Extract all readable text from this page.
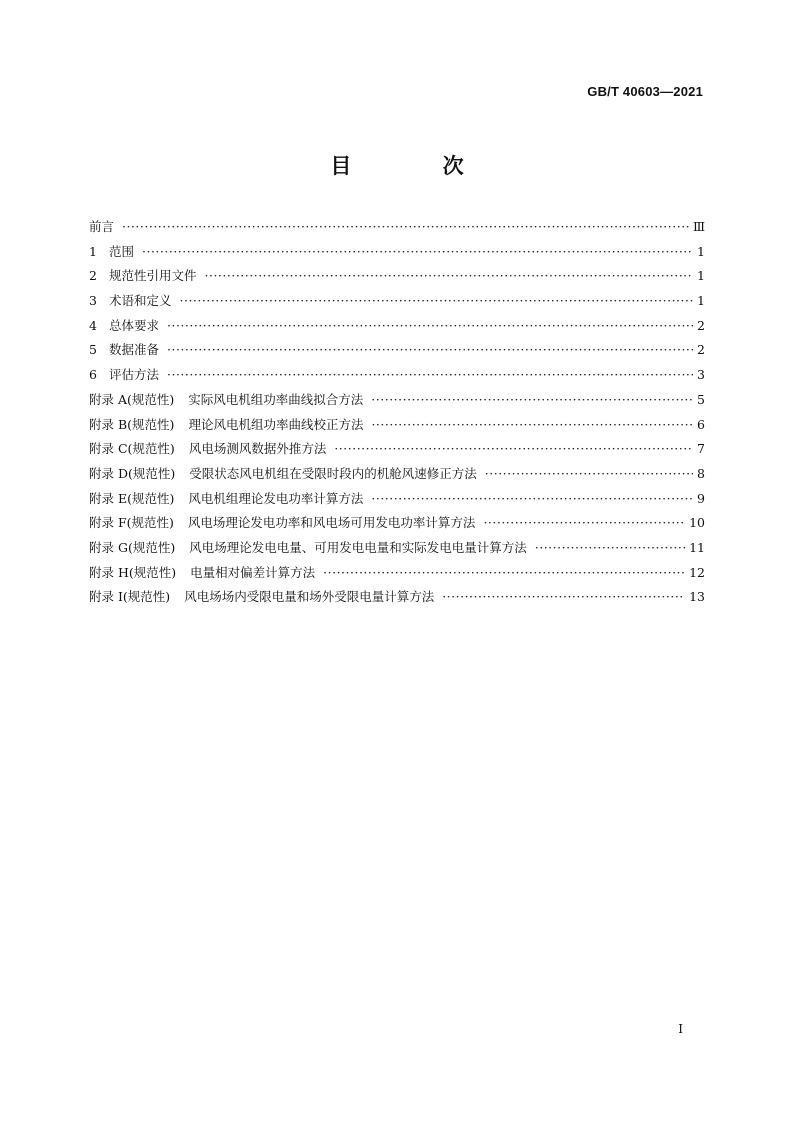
GB/T 40603—2021
目 次
前言 ·····	Ⅲ
1 范围 ·····	1
2 规范性引用文件 ·····	1
3 术语和定义 ·····	1
4 总体要求 ·····	2
5 数据准备 ·····	2
6 评估方法 ·····	3
附录 A(规范性) 实际风电机组功率曲线拟合方法 ·····	5
附录 B(规范性) 理论风电机组功率曲线校正方法 ·····	6
附录 C(规范性) 风电场测风数据外推方法 ·····	7
附录 D(规范性) 受限状态风电机组在受限时段内的机舱风速修正方法 ·····	8
附录 E(规范性) 风电机组理论发电功率计算方法 ·····	9
附录 F(规范性) 风电场理论发电功率和风电场可用发电功率计算方法 ·····	10
附录 G(规范性) 风电场理论发电电量、可用发电电量和实际发电电量计算方法 ·····	11
附录 H(规范性) 电量相对偏差计算方法 ·····	12
附录 I(规范性) 风电场场内受限电量和场外受限电量计算方法 ·····	13
Ⅰ
